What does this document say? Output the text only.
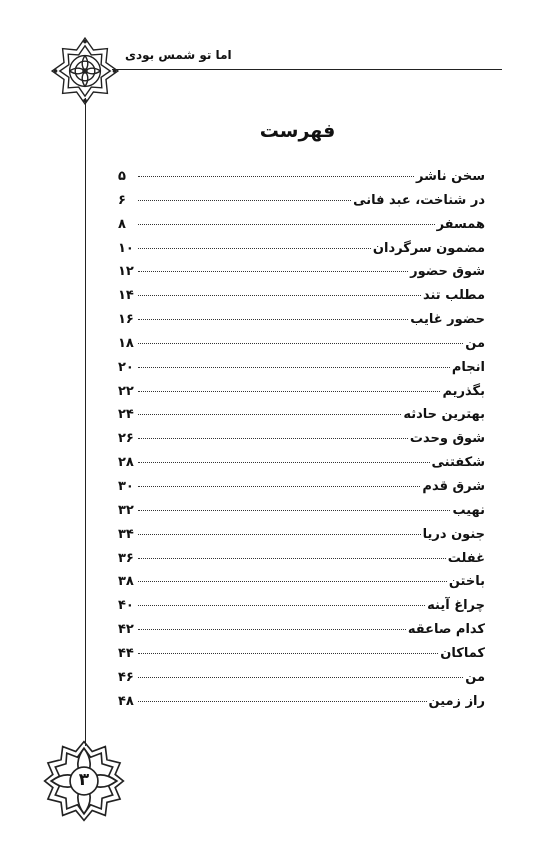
اما تو شمس بودی
فهرست
سخن ناشر
۵
در شناخت، عبد فانی
۶
همسفر
۸
مضمون سرگردان
۱۰
شوق حضور
۱۲
مطلب تند
۱۴
حضور غایب
۱۶
من
۱۸
انجام
۲۰
بگذریم
۲۲
بهترین حادثه
۲۴
شوق وحدت
۲۶
شکفتنی
۲۸
شرق قدم
۳۰
نهیب
۳۲
جنون دریا
۳۴
غفلت
۳۶
باختن
۳۸
چراغ آینه
۴۰
کدام صاعقه
۴۲
کماکان
۴۴
من
۴۶
راز زمین
۴۸
۳
